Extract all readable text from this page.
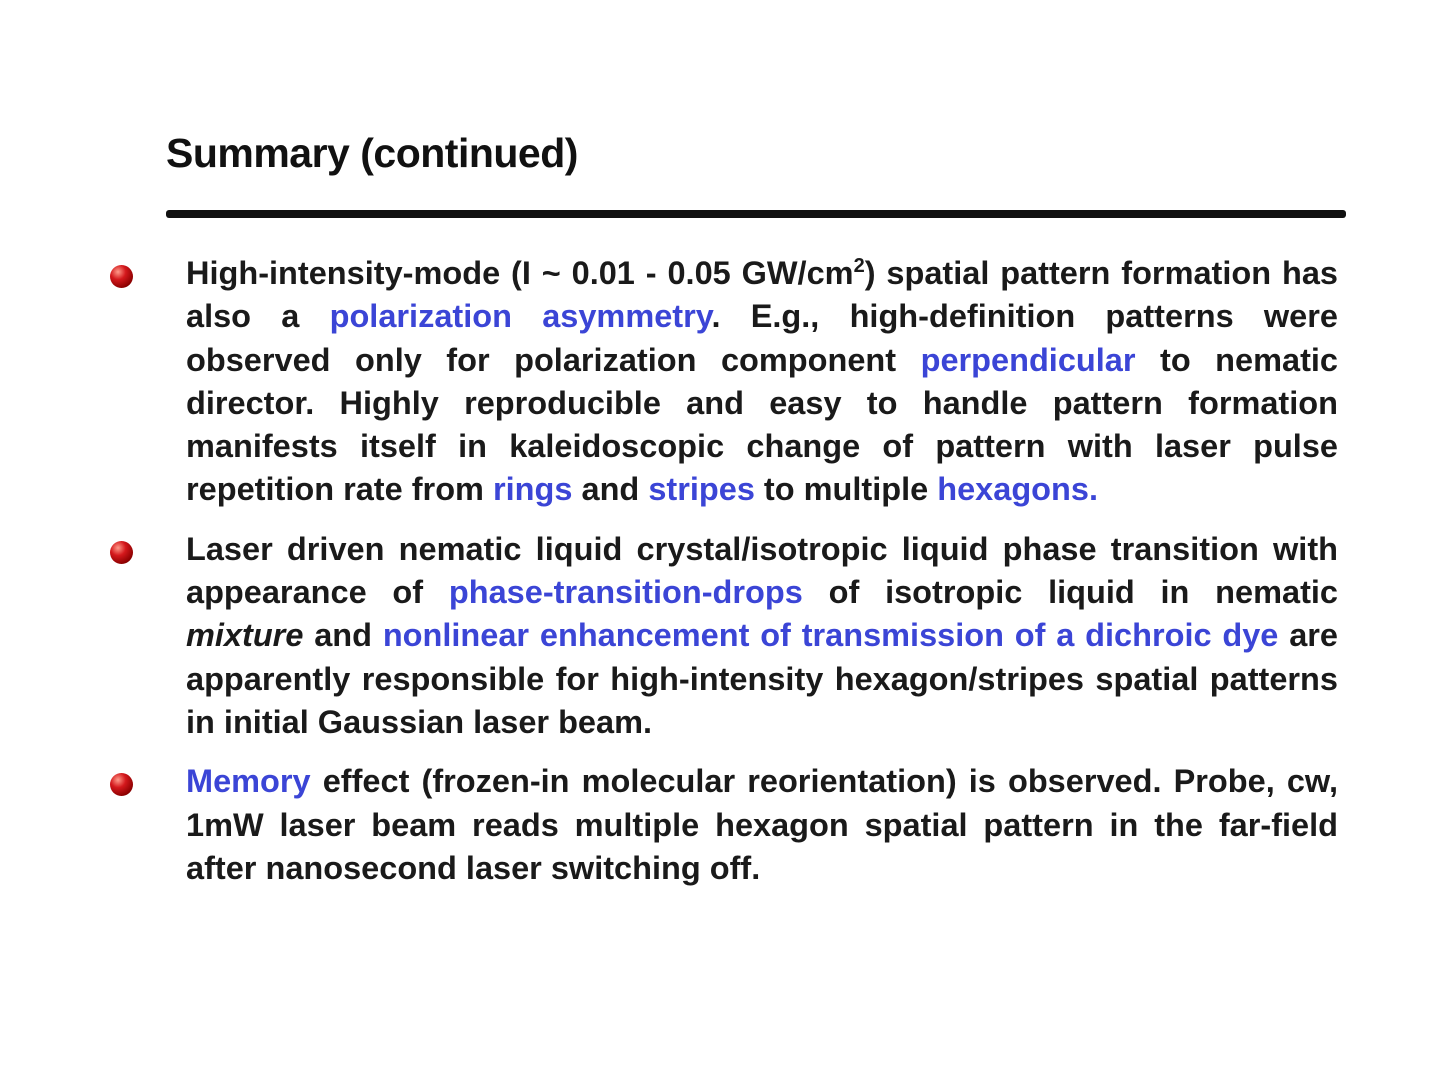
Summary (continued)

High-intensity-mode (I ~ 0.01 - 0.05 $GW/cm^2$) spatial pattern formation has also a polarization asymmetry. E.g., high-definition patterns were observed only for polarization component perpendicular to nematic director. Highly reproducible and easy to handle pattern formation manifests itself in kaleidoscopic change of pattern with laser pulse repetition rate from rings and stripes to multiple hexagons.

Laser driven nematic liquid crystal/isotropic liquid phase transition with appearance of phase-transition-drops of isotropic liquid in nematic mixture and nonlinear enhancement of transmission of a dichroic dye are apparently responsible for high-intensity hexagon/stripes spatial patterns in initial Gaussian laser beam.

Memory effect (frozen-in molecular reorientation) is observed. Probe, cw, 1mW laser beam reads multiple hexagon spatial pattern in the far-field after nanosecond laser switching off.
